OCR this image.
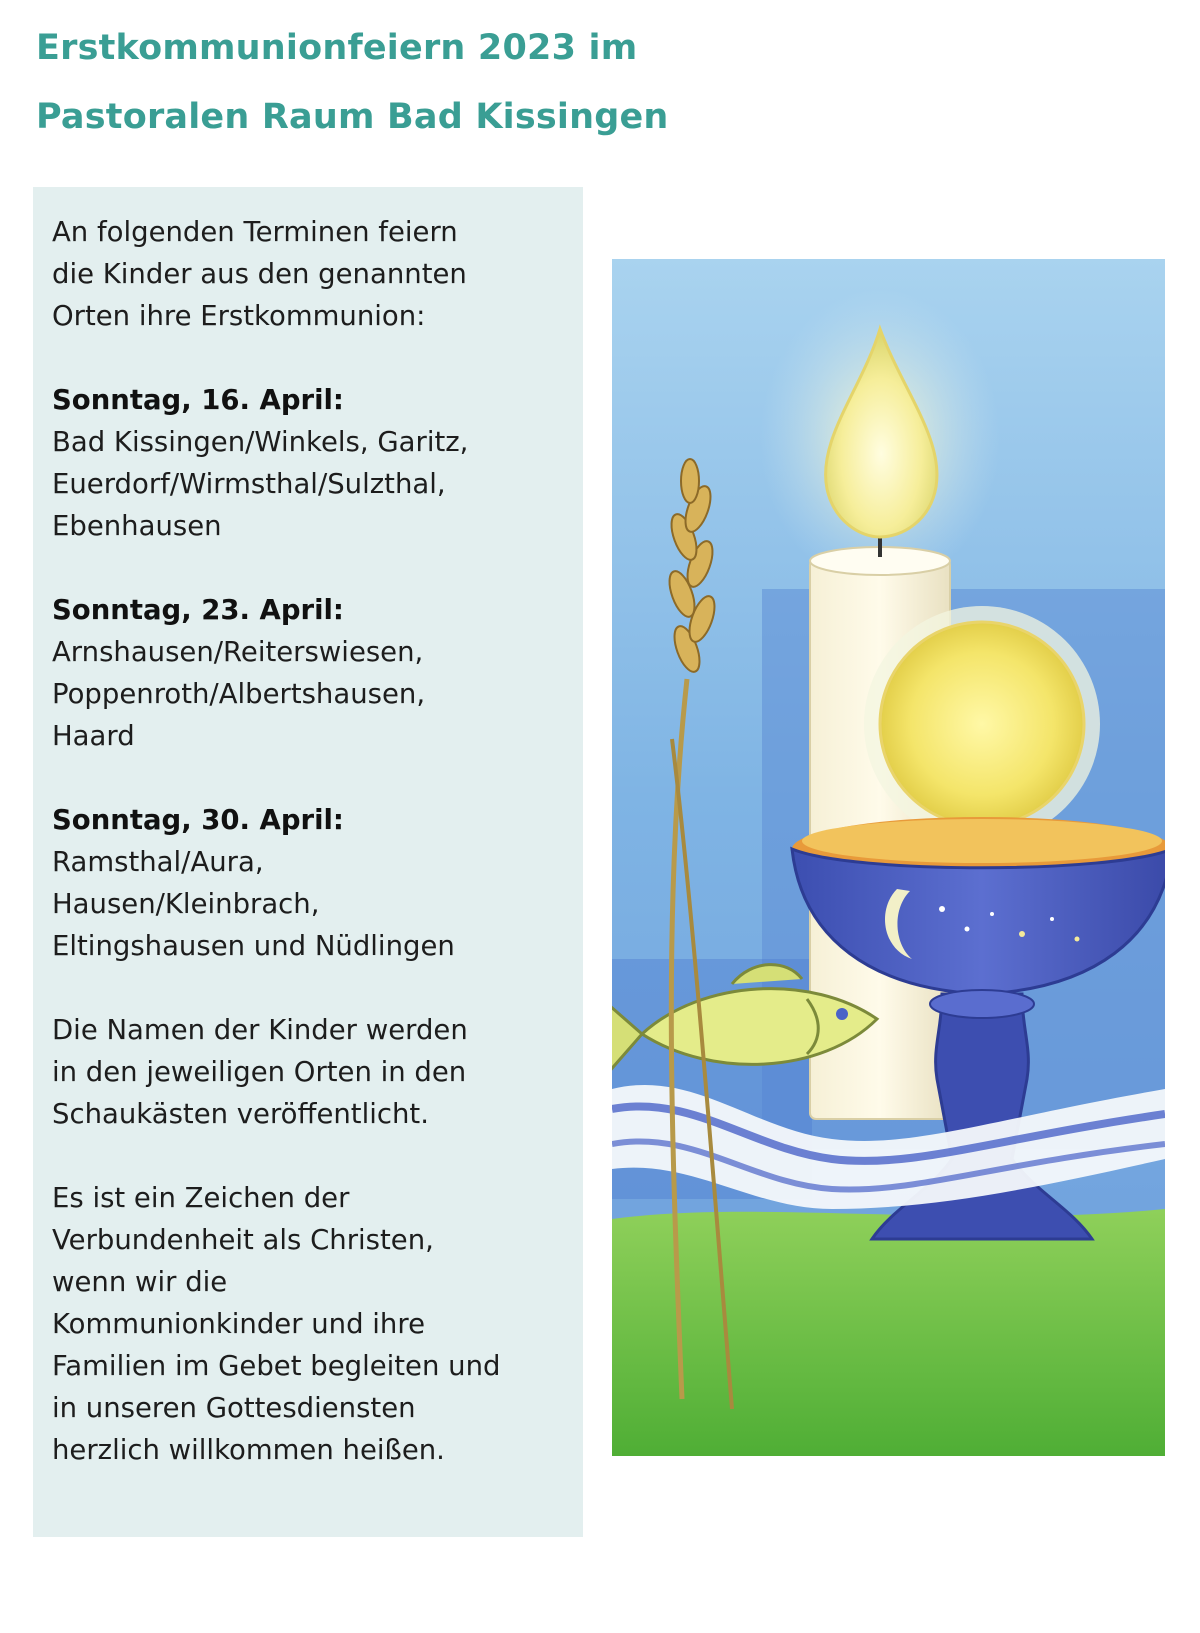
Erstkommunionfeiern 2023 im
Pastoralen Raum Bad Kissingen

An folgenden Terminen feiern
die Kinder aus den genannten
Orten ihre Erstkommunion:

Sonntag, 16. April:
Bad Kissingen/Winkels, Garitz,
Euerdorf/Wirmsthal/Sulzthal,
Ebenhausen

Sonntag, 23. April:
Arnshausen/Reiterswiesen,
Poppenroth/Albertshausen,
Haard

Sonntag, 30. April:
Ramsthal/Aura,
Hausen/Kleinbrach,
Eltingshausen und Nüdlingen

Die Namen der Kinder werden
in den jeweiligen Orten in den
Schaukästen veröffentlicht.

Es ist ein Zeichen der
Verbundenheit als Christen,
wenn wir die
Kommunionkinder und ihre
Familien im Gebet begleiten und
in unseren Gottesdiensten
herzlich willkommen heißen.
